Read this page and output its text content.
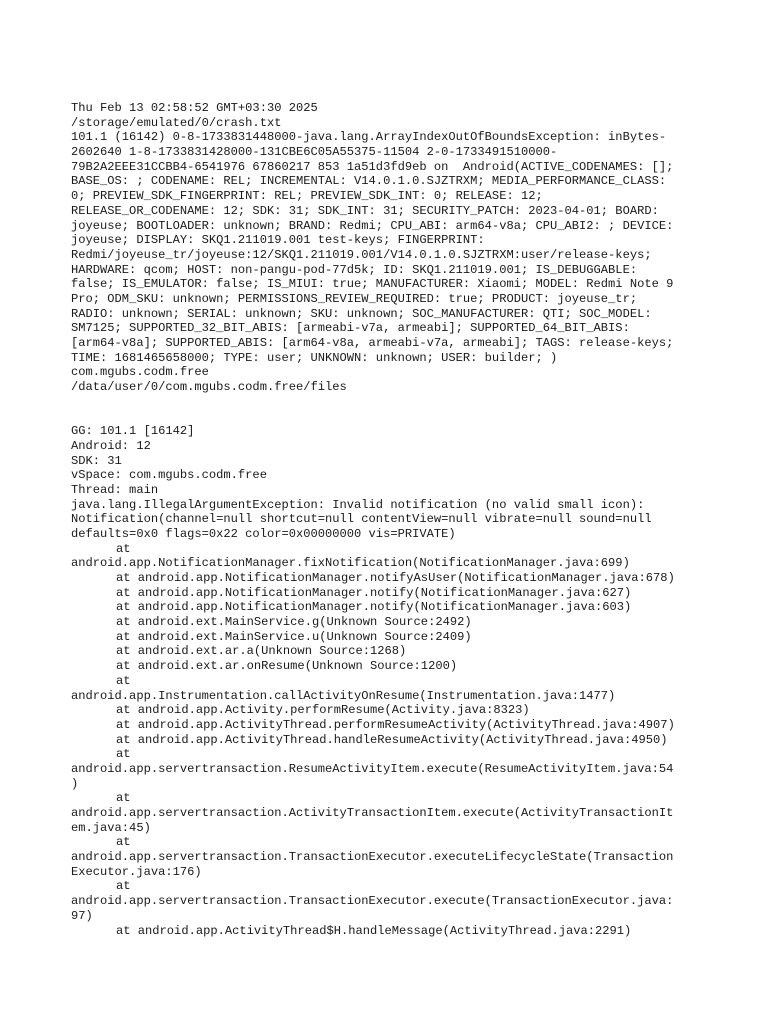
Thu Feb 13 02:58:52 GMT+03:30 2025
/storage/emulated/0/crash.txt
101.1 (16142) 0-8-1733831448000-java.lang.ArrayIndexOutOfBoundsException: inBytes-
2602640 1-8-1733831428000-131CBE6C05A55375-11504 2-0-1733491510000-
79B2A2EEE31CCBB4-6541976 67860217 853 1a51d3fd9eb on  Android(ACTIVE_CODENAMES: [];
BASE_OS: ; CODENAME: REL; INCREMENTAL: V14.0.1.0.SJZTRXM; MEDIA_PERFORMANCE_CLASS:
0; PREVIEW_SDK_FINGERPRINT: REL; PREVIEW_SDK_INT: 0; RELEASE: 12;
RELEASE_OR_CODENAME: 12; SDK: 31; SDK_INT: 31; SECURITY_PATCH: 2023-04-01; BOARD:
joyeuse; BOOTLOADER: unknown; BRAND: Redmi; CPU_ABI: arm64-v8a; CPU_ABI2: ; DEVICE:
joyeuse; DISPLAY: SKQ1.211019.001 test-keys; FINGERPRINT:
Redmi/joyeuse_tr/joyeuse:12/SKQ1.211019.001/V14.0.1.0.SJZTRXM:user/release-keys;
HARDWARE: qcom; HOST: non-pangu-pod-77d5k; ID: SKQ1.211019.001; IS_DEBUGGABLE:
false; IS_EMULATOR: false; IS_MIUI: true; MANUFACTURER: Xiaomi; MODEL: Redmi Note 9
Pro; ODM_SKU: unknown; PERMISSIONS_REVIEW_REQUIRED: true; PRODUCT: joyeuse_tr;
RADIO: unknown; SERIAL: unknown; SKU: unknown; SOC_MANUFACTURER: QTI; SOC_MODEL:
SM7125; SUPPORTED_32_BIT_ABIS: [armeabi-v7a, armeabi]; SUPPORTED_64_BIT_ABIS:
[arm64-v8a]; SUPPORTED_ABIS: [arm64-v8a, armeabi-v7a, armeabi]; TAGS: release-keys;
TIME: 1681465658000; TYPE: user; UNKNOWN: unknown; USER: builder; )
com.mgubs.codm.free
/data/user/0/com.mgubs.codm.free/files
GG: 101.1 [16142]
Android: 12
SDK: 31
vSpace: com.mgubs.codm.free
Thread: main
java.lang.IllegalArgumentException: Invalid notification (no valid small icon):
Notification(channel=null shortcut=null contentView=null vibrate=null sound=null
defaults=0x0 flags=0x22 color=0x00000000 vis=PRIVATE)
at
android.app.NotificationManager.fixNotification(NotificationManager.java:699)
at android.app.NotificationManager.notifyAsUser(NotificationManager.java:678)
at android.app.NotificationManager.notify(NotificationManager.java:627)
at android.app.NotificationManager.notify(NotificationManager.java:603)
at android.ext.MainService.g(Unknown Source:2492)
at android.ext.MainService.u(Unknown Source:2409)
at android.ext.ar.a(Unknown Source:1268)
at android.ext.ar.onResume(Unknown Source:1200)
at
android.app.Instrumentation.callActivityOnResume(Instrumentation.java:1477)
at android.app.Activity.performResume(Activity.java:8323)
at android.app.ActivityThread.performResumeActivity(ActivityThread.java:4907)
at android.app.ActivityThread.handleResumeActivity(ActivityThread.java:4950)
at
android.app.servertransaction.ResumeActivityItem.execute(ResumeActivityItem.java:54
)
at
android.app.servertransaction.ActivityTransactionItem.execute(ActivityTransactionIt
em.java:45)
at
android.app.servertransaction.TransactionExecutor.executeLifecycleState(Transaction
Executor.java:176)
at
android.app.servertransaction.TransactionExecutor.execute(TransactionExecutor.java:
97)
at android.app.ActivityThread$H.handleMessage(ActivityThread.java:2291)
